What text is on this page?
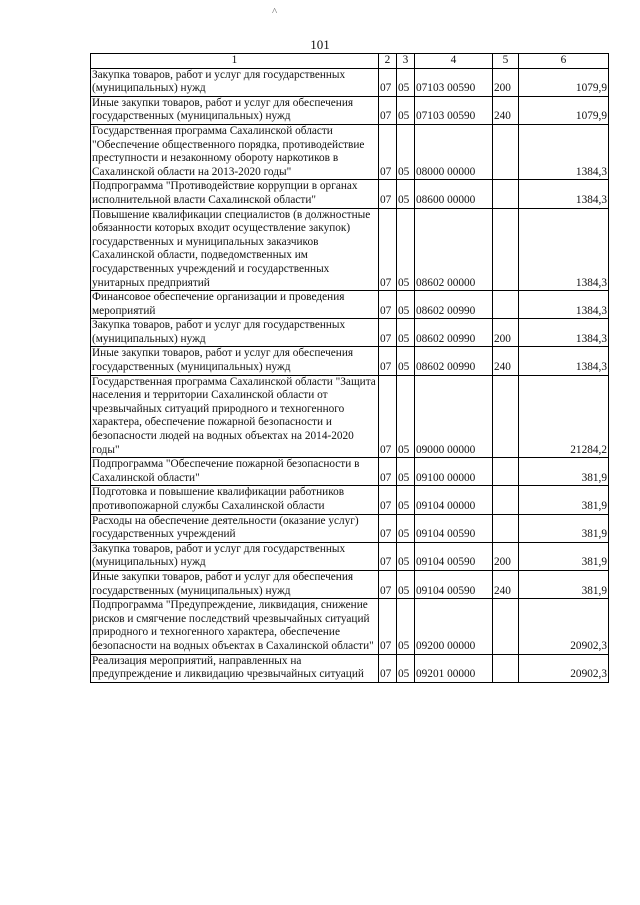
^
101
1	2	3	4	5	6
Закупка товаров, работ и услуг для государственных (муниципальных) нужд	07	05	07103 00590	200	1079,9
Иные закупки товаров, работ и услуг для обеспечения государственных (муниципальных) нужд	07	05	07103 00590	240	1079,9
Государственная программа Сахалинской области "Обеспечение общественного порядка, противодействие преступности и незаконному обороту наркотиков в Сахалинской области на 2013-2020 годы"	07	05	08000 00000		1384,3
Подпрограмма "Противодействие коррупции в органах исполнительной власти Сахалинской области"	07	05	08600 00000		1384,3
Повышение квалификации специалистов (в должностные обязанности которых входит осуществление закупок) государственных и муниципальных заказчиков Сахалинской области, подведомственных им государственных учреждений и государственных унитарных предприятий	07	05	08602 00000		1384,3
Финансовое обеспечение организации и проведения мероприятий	07	05	08602 00990		1384,3
Закупка товаров, работ и услуг для государственных (муниципальных) нужд	07	05	08602 00990	200	1384,3
Иные закупки товаров, работ и услуг для обеспечения государственных (муниципальных) нужд	07	05	08602 00990	240	1384,3
Государственная программа Сахалинской области "Защита населения и территории Сахалинской области от чрезвычайных ситуаций природного и техногенного характера, обеспечение пожарной безопасности и безопасности людей на водных объектах на 2014-2020 годы"	07	05	09000 00000		21284,2
Подпрограмма "Обеспечение пожарной безопасности в Сахалинской области"	07	05	09100 00000		381,9
Подготовка и повышение квалификации работников противопожарной службы Сахалинской области	07	05	09104 00000		381,9
Расходы на обеспечение деятельности (оказание услуг) государственных учреждений	07	05	09104 00590		381,9
Закупка товаров, работ и услуг для государственных (муниципальных) нужд	07	05	09104 00590	200	381,9
Иные закупки товаров, работ и услуг для обеспечения государственных (муниципальных) нужд	07	05	09104 00590	240	381,9
Подпрограмма "Предупреждение, ликвидация, снижение рисков и смягчение последствий чрезвычайных ситуаций природного и техногенного характера, обеспечение безопасности на водных объектах в Сахалинской области"	07	05	09200 00000		20902,3
Реализация мероприятий, направленных на предупреждение и ликвидацию чрезвычайных ситуаций	07	05	09201 00000		20902,3
